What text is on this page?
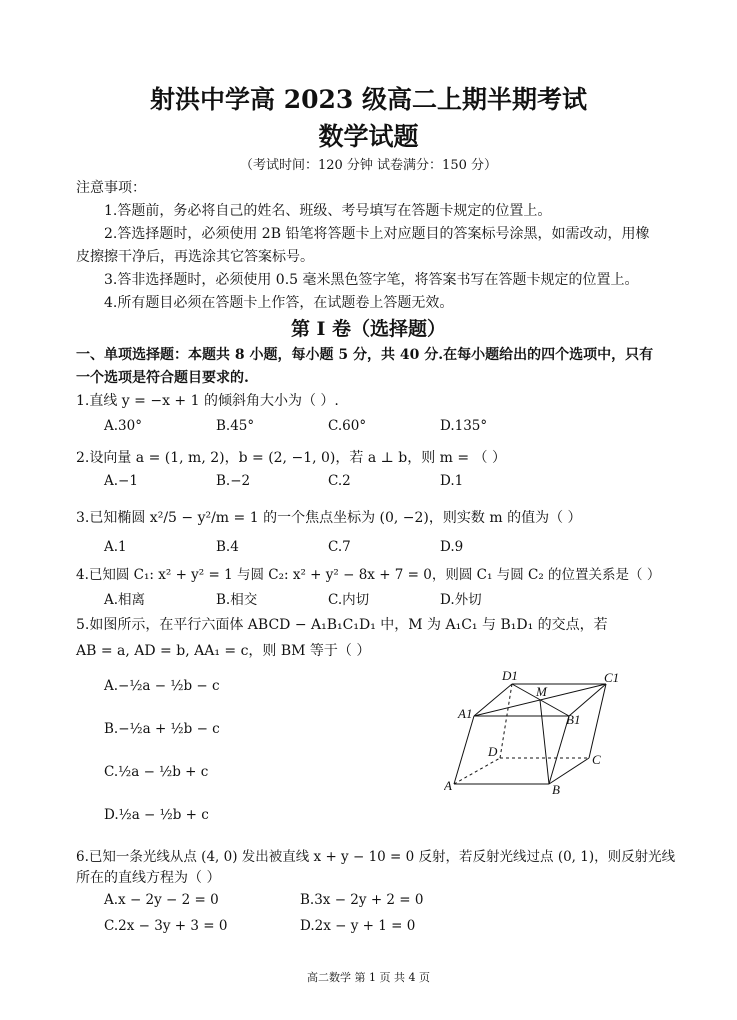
射洪中学高 2023 级高二上期半期考试
数学试题
（考试时间：120 分钟 试卷满分：150 分）
注意事项：
1.答题前，务必将自己的姓名、班级、考号填写在答题卡规定的位置上。
2.答选择题时，必须使用 2B 铅笔将答题卡上对应题目的答案标号涂黑，如需改动，用橡
皮擦擦干净后，再选涂其它答案标号。
3.答非选择题时，必须使用 0.5 毫米黑色签字笔，将答案书写在答题卡规定的位置上。
4.所有题目必须在答题卡上作答，在试题卷上答题无效。
第 I 卷（选择题）
一、单项选择题：本题共 8 小题，每小题 5 分，共 40 分.在每小题给出的四个选项中，只有
一个选项是符合题目要求的.
1.直线 y = −x + 1 的倾斜角大小为（ ）.
A.30°	B.45°	C.60°	D.135°
2.设向量 a = (1, m, 2)，b = (2, −1, 0)，若 a ⊥ b，则 m = （ ）
A.−1	B.−2	C.2	D.1
3.已知椭圆 x²/5 − y²/m = 1 的一个焦点坐标为 (0, −2)，则实数 m 的值为（ ）
A.1	B.4	C.7	D.9
4.已知圆 C₁: x² + y² = 1 与圆 C₂: x² + y² − 8x + 7 = 0，则圆 C₁ 与圆 C₂ 的位置关系是（ ）
A.相离	B.相交	C.内切	D.外切
5.如图所示，在平行六面体 ABCD − A₁B₁C₁D₁ 中，M 为 A₁C₁ 与 B₁D₁ 的交点，若
AB = a, AD = b, AA₁ = c，则 BM 等于（ ）
A.−½a − ½b − c
B.−½a + ½b − c
C.½a − ½b + c
D.½a − ½b + c
D1
M
C1
A1	B1
D
C
A	B
6.已知一条光线从点 (4, 0) 发出被直线 x + y − 10 = 0 反射，若反射光线过点 (0, 1)，则反射光线
所在的直线方程为（ ）
A.x − 2y − 2 = 0	B.3x − 2y + 2 = 0
C.2x − 3y + 3 = 0	D.2x − y + 1 = 0
高二数学 第 1 页 共 4 页
